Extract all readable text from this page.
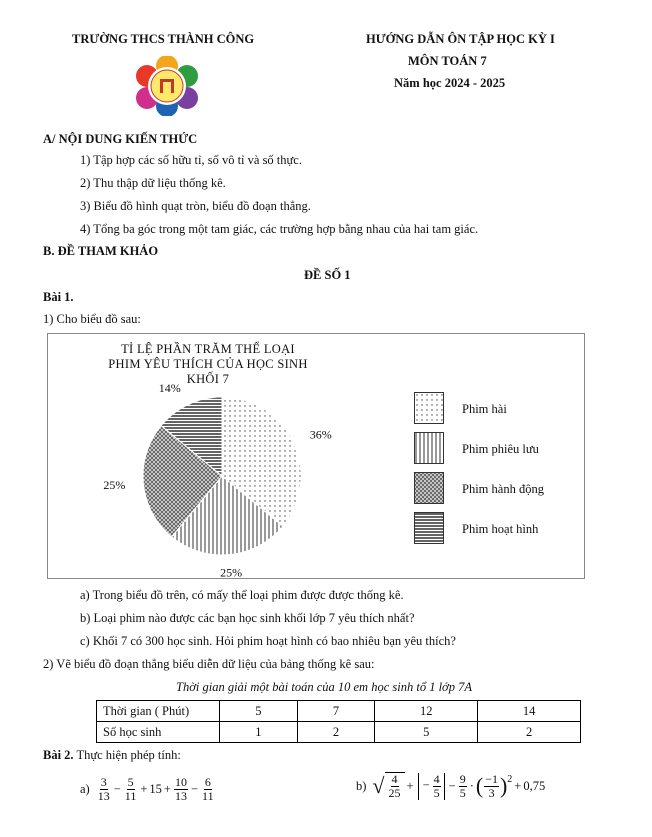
TRƯỜNG THCS THÀNH CÔNG	HƯỚNG DẪN ÔN TẬP HỌC KỲ I
MÔN TOÁN 7
Năm học 2024 - 2025
A/ NỘI DUNG KIẾN THỨC
1) Tập hợp các số hữu tỉ, số vô tỉ và số thực.
2) Thu thập dữ liệu thống kê.
3) Biểu đồ hình quạt tròn, biểu đồ đoạn thẳng.
4) Tổng ba góc trong một tam giác, các trường hợp bằng nhau của hai tam giác.
B. ĐỀ THAM KHẢO
ĐỀ SỐ 1
Bài 1.
1) Cho biểu đồ sau:
TỈ LỆ PHẦN TRĂM THỂ LOẠI PHIM YÊU THÍCH CỦA HỌC SINH KHỐI 7
36%
25%
25%
14%
Phim hài
Phim phiêu lưu
Phim hành động
Phim hoạt hình
a) Trong biểu đồ trên, có mấy thể loại phim được được thống kê.
b) Loại phim nào được các bạn học sinh khối lớp 7 yêu thích nhất?
c) Khối 7 có 300 học sinh. Hỏi phim hoạt hình có bao nhiêu bạn yêu thích?
2) Vẽ biểu đồ đoạn thẳng biểu diễn dữ liệu của bảng thống kê sau:
Thời gian giải một bài toán của 10 em học sinh tổ 1 lớp 7A
Thời gian ( Phút)	5	7	12	14
Số học sinh	1	2	5	2
Bài 2. Thực hiện phép tính:
$a) \frac{3}{13} - \frac{5}{11} + 15 + \frac{10}{13} - \frac{6}{11}$	b) √ $\frac{4}{25}$ + − $\frac{4}{5} - \frac{9}{5}$ · ( $\frac{-1}{3} )^2 + 0,75$
